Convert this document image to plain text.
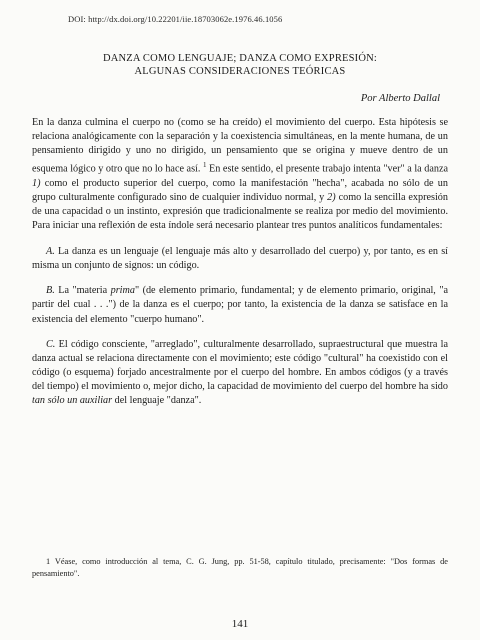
DOI: http://dx.doi.org/10.22201/iie.18703062e.1976.46.1056
DANZA COMO LENGUAJE; DANZA COMO EXPRESIÓN:
ALGUNAS CONSIDERACIONES TEÓRICAS
Por Alberto Dallal

En la danza culmina el cuerpo no (como se ha creído) el movimiento del cuerpo. Esta hipótesis se relaciona analógicamente con la separación y la coexistencia simultáneas, en la mente humana, de un pensamiento dirigido y uno no dirigido, un pensamiento que se origina y mueve dentro de un esquema lógico y otro que no lo hace así. $^1$ En este sentido, el presente trabajo intenta "ver" a la danza 1) como el producto superior del cuerpo, como la manifestación "hecha", acabada no sólo de un grupo culturalmente configurado sino de cualquier individuo normal, y 2) como la sencilla expresión de una capacidad o un instinto, expresión que tradicionalmente se realiza por medio del movimiento. Para iniciar una reflexión de esta índole será necesario plantear tres puntos analíticos fundamentales:

A. La danza es un lenguaje (el lenguaje más alto y desarrollado del cuerpo) y, por tanto, es en sí misma un conjunto de signos: un código.

B. La "materia prima" (de elemento primario, fundamental; y de elemento primario, original, "a partir del cual . . .") de la danza es el cuerpo; por tanto, la existencia de la danza se satisface en la existencia del elemento "cuerpo humano".

C. El código consciente, "arreglado", culturalmente desarrollado, supraestructural que muestra la danza actual se relaciona directamente con el movimiento; este código "cultural" ha coexistido con el código (o esquema) forjado ancestralmente por el cuerpo del hombre. En ambos códigos (y a través del tiempo) el movimiento o, mejor dicho, la capacidad de movimiento del cuerpo del hombre ha sido tan sólo un auxiliar del lenguaje "danza".

1 Véase, como introducción al tema, C. G. Jung, pp. 51-58, capítulo titulado, precisamente: "Dos formas de pensamiento".
141
